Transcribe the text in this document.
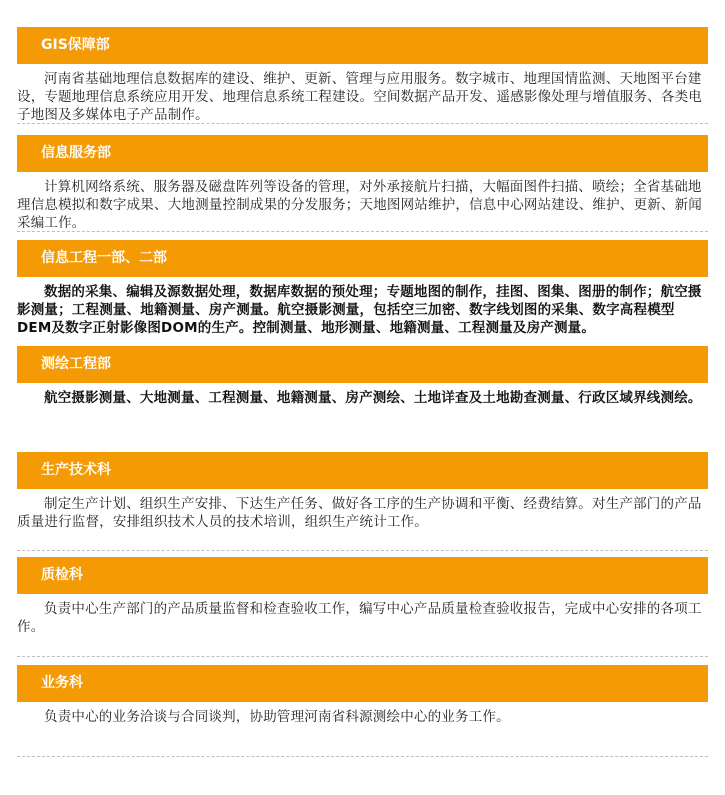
GIS保障部
河南省基础地理信息数据库的建设、维护、更新、管理与应用服务。数字城市、地理国情监测、天地图平台建设，专题地理信息系统应用开发、地理信息系统工程建设。空间数据产品开发、遥感影像处理与增值服务、各类电子地图及多媒体电子产品制作。
信息服务部
计算机网络系统、服务器及磁盘阵列等设备的管理，对外承接航片扫描，大幅面图件扫描、喷绘；全省基础地理信息模拟和数字成果、大地测量控制成果的分发服务；天地图网站维护，信息中心网站建设、维护、更新、新闻采编工作。
信息工程一部、二部
数据的采集、编辑及源数据处理，数据库数据的预处理；专题地图的制作，挂图、图集、图册的制作；航空摄影测量；工程测量、地籍测量、房产测量。航空摄影测量，包括空三加密、数字线划图的采集、数字高程模型DEM及数字正射影像图DOM的生产。控制测量、地形测量、地籍测量、工程测量及房产测量。
测绘工程部
航空摄影测量、大地测量、工程测量、地籍测量、房产测绘、土地详查及土地勘查测量、行政区域界线测绘。
生产技术科
制定生产计划、组织生产安排、下达生产任务、做好各工序的生产协调和平衡、经费结算。对生产部门的产品质量进行监督，安排组织技术人员的技术培训，组织生产统计工作。
质检科
负责中心生产部门的产品质量监督和检查验收工作，编写中心产品质量检查验收报告，完成中心安排的各项工作。
业务科
负责中心的业务洽谈与合同谈判，协助管理河南省科源测绘中心的业务工作。
